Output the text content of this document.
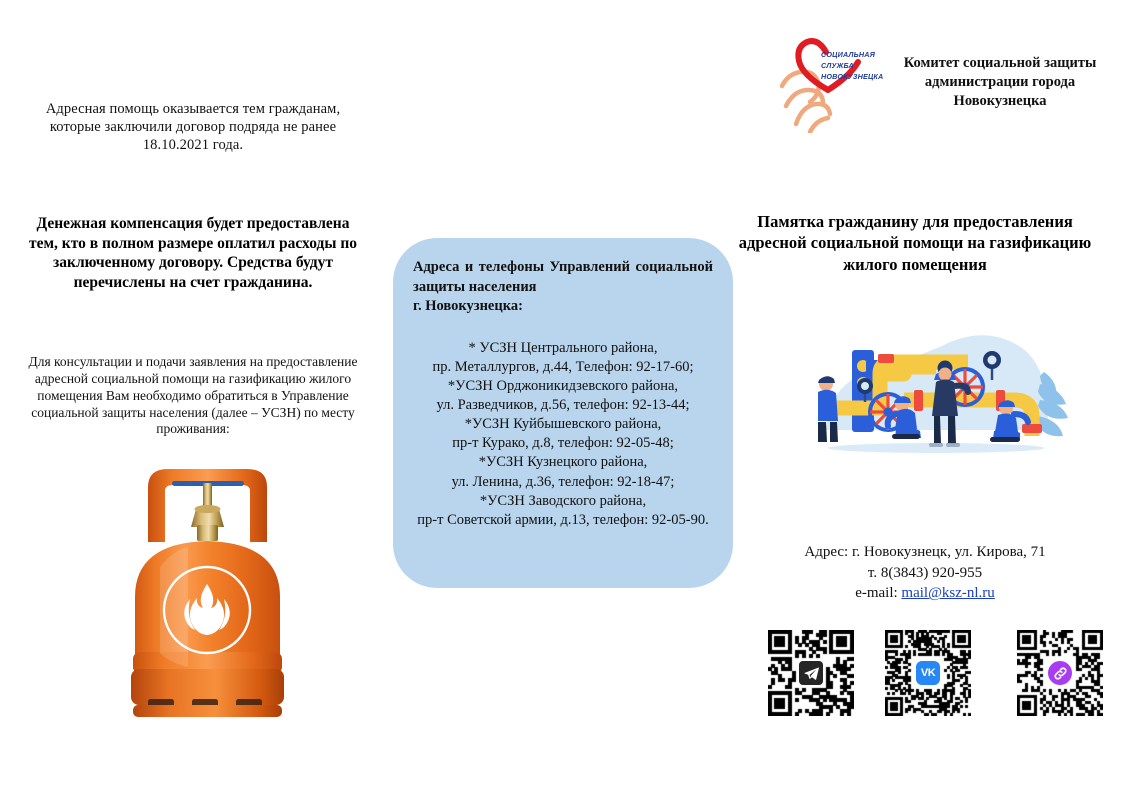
Адресная помощь оказывается тем гражданам, которые заключили договор подряда не ранее 18.10.2021 года.

Денежная компенсация будет предоставлена тем, кто в полном размере оплатил расходы по заключенному договору. Средства будут перечислены на счет гражданина.

Для консультации и подачи заявления на предоставление адресной социальной помощи на газификацию жилого помещения Вам необходимо обратиться в Управление социальной защиты населения (далее – УСЗН) по месту проживания:

Адреса и телефоны Управлений социальной защиты населения
г. Новокузнецка:
* УСЗН Центрального района,
пр. Металлургов, д.44, Телефон: 92-17-60;
*УСЗН Орджоникидзевского района,
ул. Разведчиков, д.56, телефон: 92-13-44;
*УСЗН Куйбышевского района,
пр-т Курако, д.8, телефон: 92-05-48;
*УСЗН Кузнецкого района,
ул. Ленина, д.36, телефон: 92-18-47;
*УСЗН Заводского района,
пр-т Советской армии, д.13, телефон: 92-05-90.
СОЦИАЛЬНАЯ
СЛУЖБА
НОВОКУЗНЕЦКА
Комитет социальной защиты администрации города Новокузнецка
Памятка гражданину для предоставления адресной социальной помощи на газификацию жилого помещения
Адрес: г. Новокузнецк, ул. Кирова, 71
т. 8(3843) 920-955
e-mail: mail@ksz-nl.ru
VK
